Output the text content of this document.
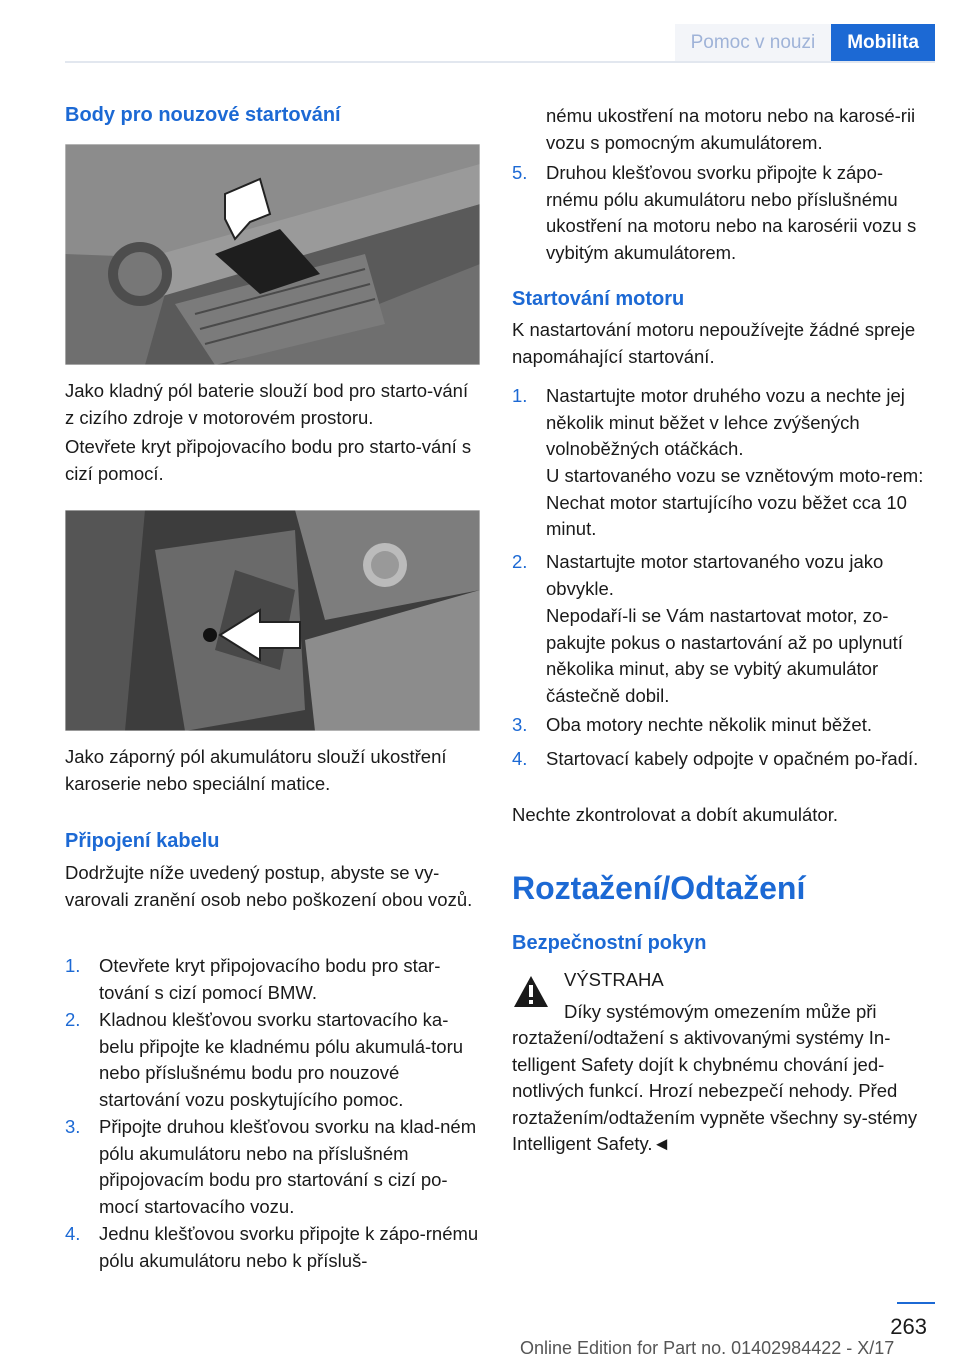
Pomoc v nouzi	Mobilita
Body pro nouzové startování

Jako kladný pól baterie slouží bod pro starto‐vání z cizího zdroje v motorovém prostoru.

Otevřete kryt připojovacího bodu pro starto‐vání s cizí pomocí.

Jako záporný pól akumulátoru slouží ukostření karoserie nebo speciální matice.

Připojení kabelu

Dodržujte níže uvedený postup, abyste se vy‐varovali zranění osob nebo poškození obou vozů.

1.	Otevřete kryt připojovacího bodu pro star‐tování s cizí pomocí BMW.
2.	Kladnou klešťovou svorku startovacího ka‐belu připojte ke kladnému pólu akumulá‐toru nebo příslušnému bodu pro nouzové startování vozu poskytujícího pomoc.
3.	Připojte druhou klešťovou svorku na klad‐ném pólu akumulátoru nebo na příslušném připojovacím bodu pro startování s cizí po‐mocí startovacího vozu.
4.	Jednu klešťovou svorku připojte k zápo‐rnému pólu akumulátoru nebo k přísluš‐

nému ukostření na motoru nebo na karosé‐rii vozu s pomocným akumulátorem.

5.	Druhou klešťovou svorku připojte k zápo‐rnému pólu akumulátoru nebo příslušnému ukostření na motoru nebo na karosérii vozu s vybitým akumulátorem.
Startování motoru

K nastartování motoru nepoužívejte žádné spreje napomáhající startování.

1.	Nastartujte motor druhého vozu a nechte jej několik minut běžet v lehce zvýšených volnoběžných otáčkách.

U startovaného vozu se vznětovým moto‐rem: Nechat motor startujícího vozu běžet cca 10 minut.

2.	Nastartujte motor startovaného vozu jako obvykle.

Nepodaří-li se Vám nastartovat motor, zo‐pakujte pokus o nastartování až po uplynutí několika minut, aby se vybitý akumulátor částečně dobil.

3.	Oba motory nechte několik minut běžet.
4.	Startovací kabely odpojte v opačném po‐řadí.

Nechte zkontrolovat a dobít akumulátor.

Roztažení/Odtažení
Bezpečnostní pokyn

VÝSTRAHA

Díky systémovým omezením může při

roztažení/odtažení s aktivovanými systémy In‐telligent Safety dojít k chybnému chování jed‐notlivých funkcí. Hrozí nebezpečí nehody. Před roztažením/odtažením vypněte všechny sy‐stémy Intelligent Safety.◄

263
Online Edition for Part no. 01402984422 - X/17
